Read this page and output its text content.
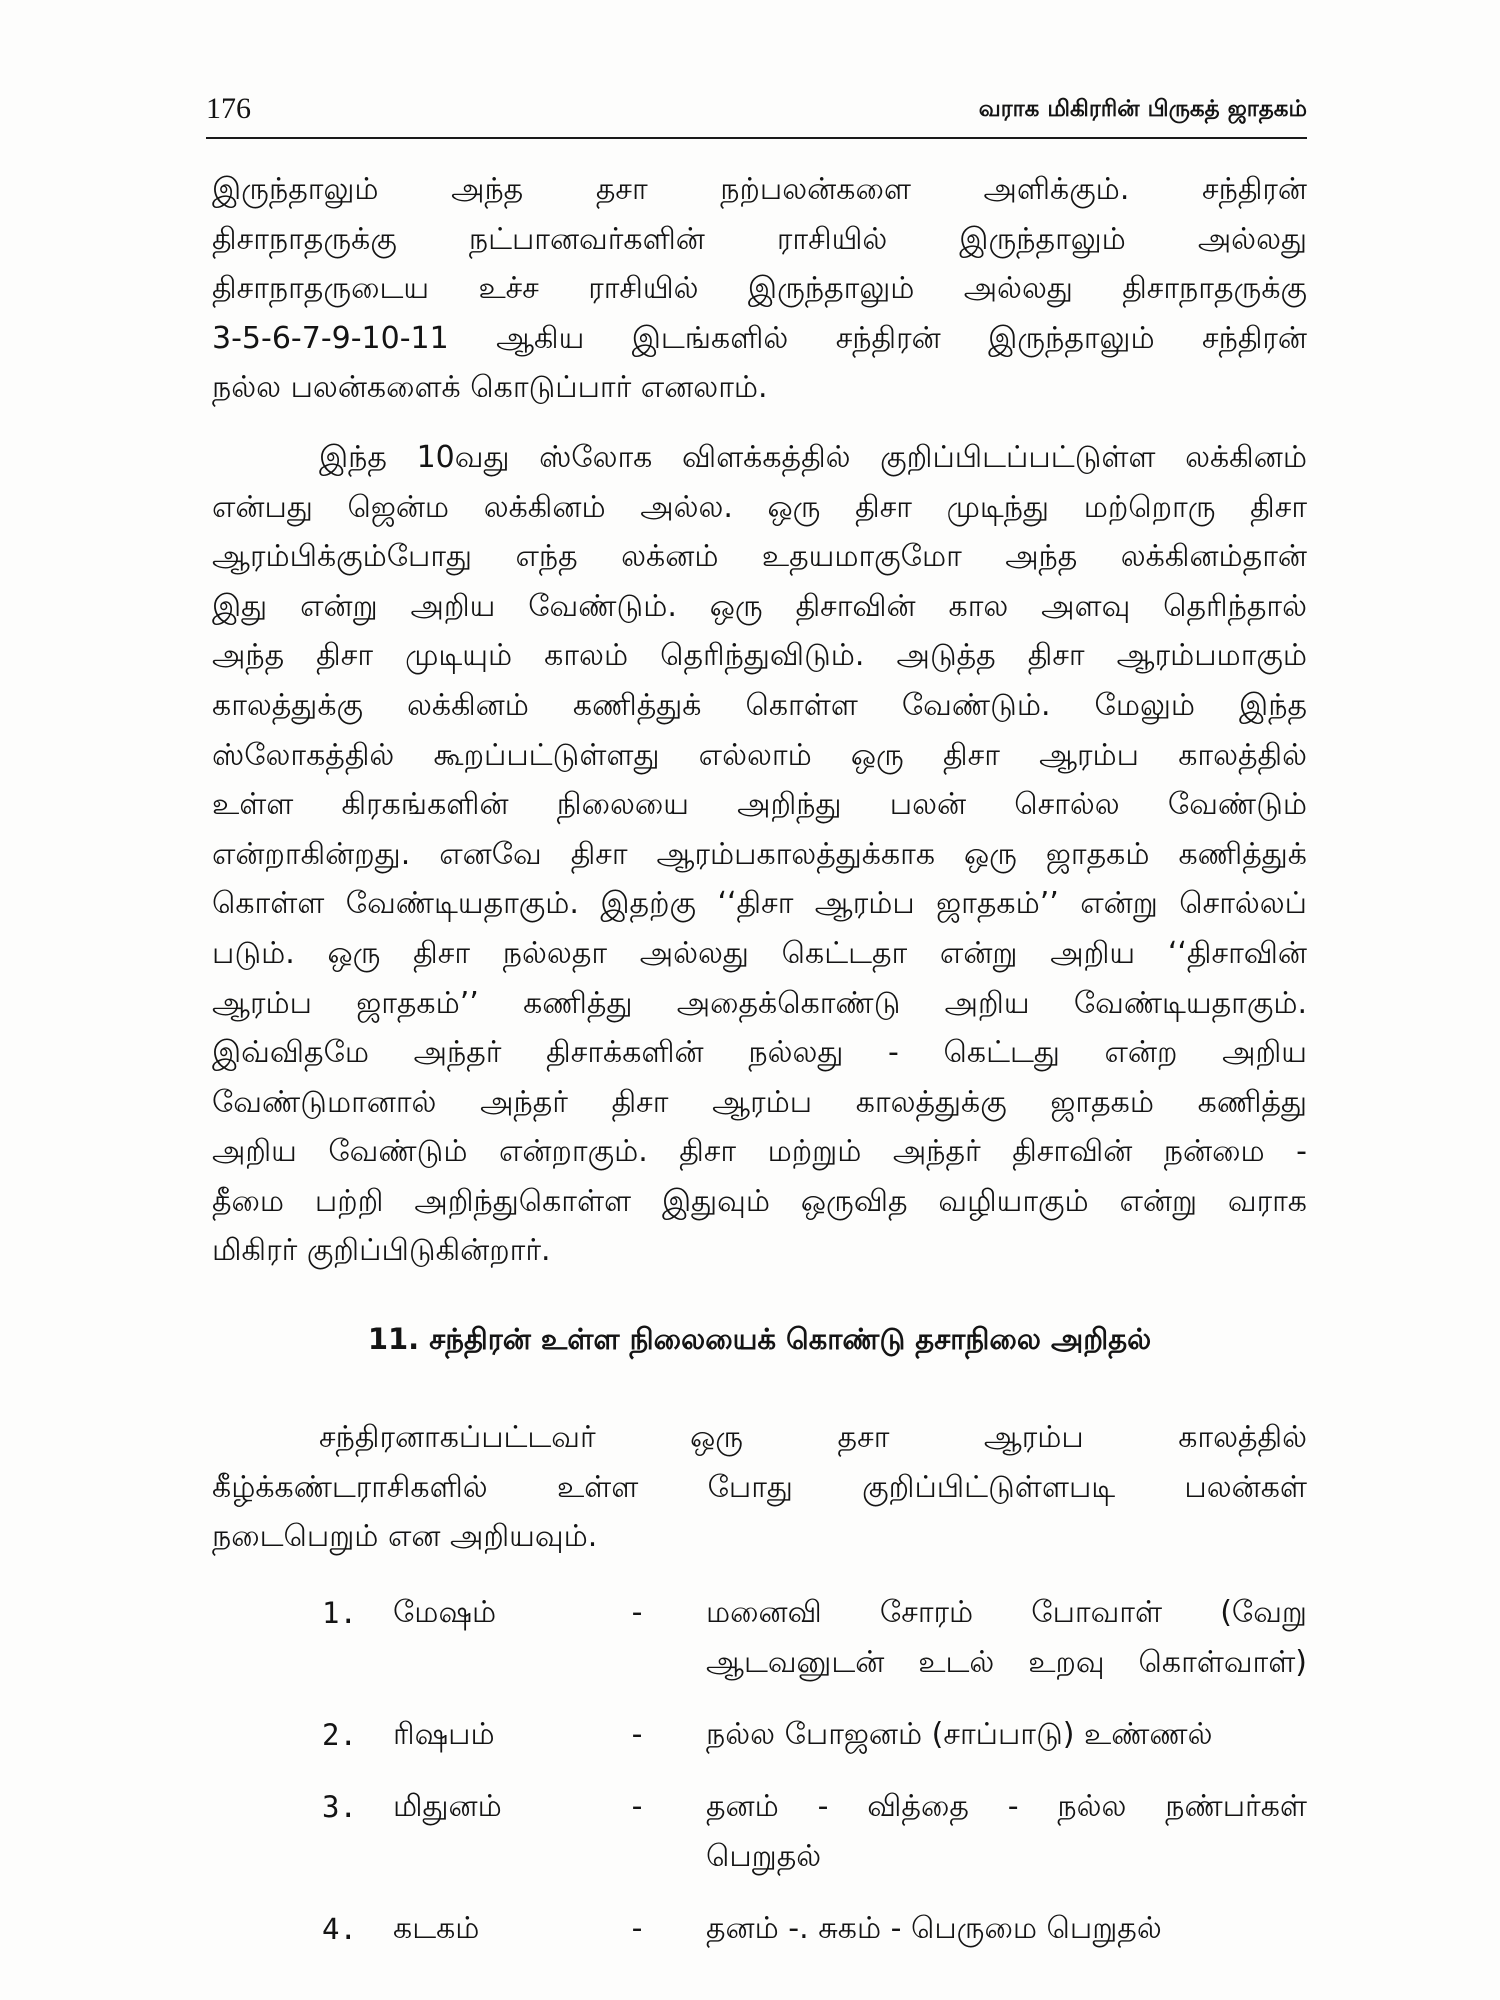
176	வராக மிகிரரின் பிருகத் ஜாதகம்
இருந்தாலும் அந்த தசா நற்பலன்களை அளிக்கும். சந்திரன்
திசாநாதருக்கு நட்பானவர்களின் ராசியில் இருந்தாலும் அல்லது
திசாநாதருடைய உச்ச ராசியில் இருந்தாலும் அல்லது திசாநாதருக்கு
3-5-6-7-9-10-11 ஆகிய இடங்களில் சந்திரன் இருந்தாலும் சந்திரன்
நல்ல பலன்களைக் கொடுப்பார் எனலாம்.
இந்த 10வது ஸ்லோக விளக்கத்தில் குறிப்பிடப்பட்டுள்ள லக்கினம்
என்பது ஜென்ம லக்கினம் அல்ல. ஒரு திசா முடிந்து மற்றொரு திசா
ஆரம்பிக்கும்போது எந்த லக்னம் உதயமாகுமோ அந்த லக்கினம்தான்
இது என்று அறிய வேண்டும். ஒரு திசாவின் கால அளவு தெரிந்தால்
அந்த திசா முடியும் காலம் தெரிந்துவிடும். அடுத்த திசா ஆரம்பமாகும்
காலத்துக்கு லக்கினம் கணித்துக் கொள்ள வேண்டும். மேலும் இந்த
ஸ்லோகத்தில் கூறப்பட்டுள்ளது எல்லாம் ஒரு திசா ஆரம்ப காலத்தில்
உள்ள கிரகங்களின் நிலையை அறிந்து பலன் சொல்ல வேண்டும்
என்றாகின்றது. எனவே திசா ஆரம்பகாலத்துக்காக ஒரு ஜாதகம் கணித்துக்
கொள்ள வேண்டியதாகும். இதற்கு ‘‘திசா ஆரம்ப ஜாதகம்’’ என்று சொல்லப்
படும். ஒரு திசா நல்லதா அல்லது கெட்டதா என்று அறிய ‘‘திசாவின்
ஆரம்ப ஜாதகம்’’ கணித்து அதைக்கொண்டு அறிய வேண்டியதாகும்.
இவ்விதமே அந்தர் திசாக்களின் நல்லது - கெட்டது என்ற அறிய
வேண்டுமானால் அந்தர் திசா ஆரம்ப காலத்துக்கு ஜாதகம் கணித்து
அறிய வேண்டும் என்றாகும். திசா மற்றும் அந்தர் திசாவின் நன்மை -
தீமை பற்றி அறிந்துகொள்ள இதுவும் ஒருவித வழியாகும் என்று வராக
மிகிரர் குறிப்பிடுகின்றார்.
11. சந்திரன் உள்ள நிலையைக் கொண்டு தசாநிலை அறிதல்
சந்திரனாகப்பட்டவர் ஒரு தசா ஆரம்ப காலத்தில்
கீழ்க்கண்டராசிகளில் உள்ள போது குறிப்பிட்டுள்ளபடி பலன்கள்
நடைபெறும் என அறியவும்.
1.	மேஷம்	-	மனைவி சோரம் போவாள் (வேறு
ஆடவனுடன் உடல் உறவு கொள்வாள்)
2.	ரிஷபம்	-	நல்ல போஜனம் (சாப்பாடு) உண்ணல்
3.	மிதுனம்	-	தனம் - வித்தை - நல்ல நண்பர்கள்
பெறுதல்
4.	கடகம்	-	தனம் -. சுகம் - பெருமை பெறுதல்
